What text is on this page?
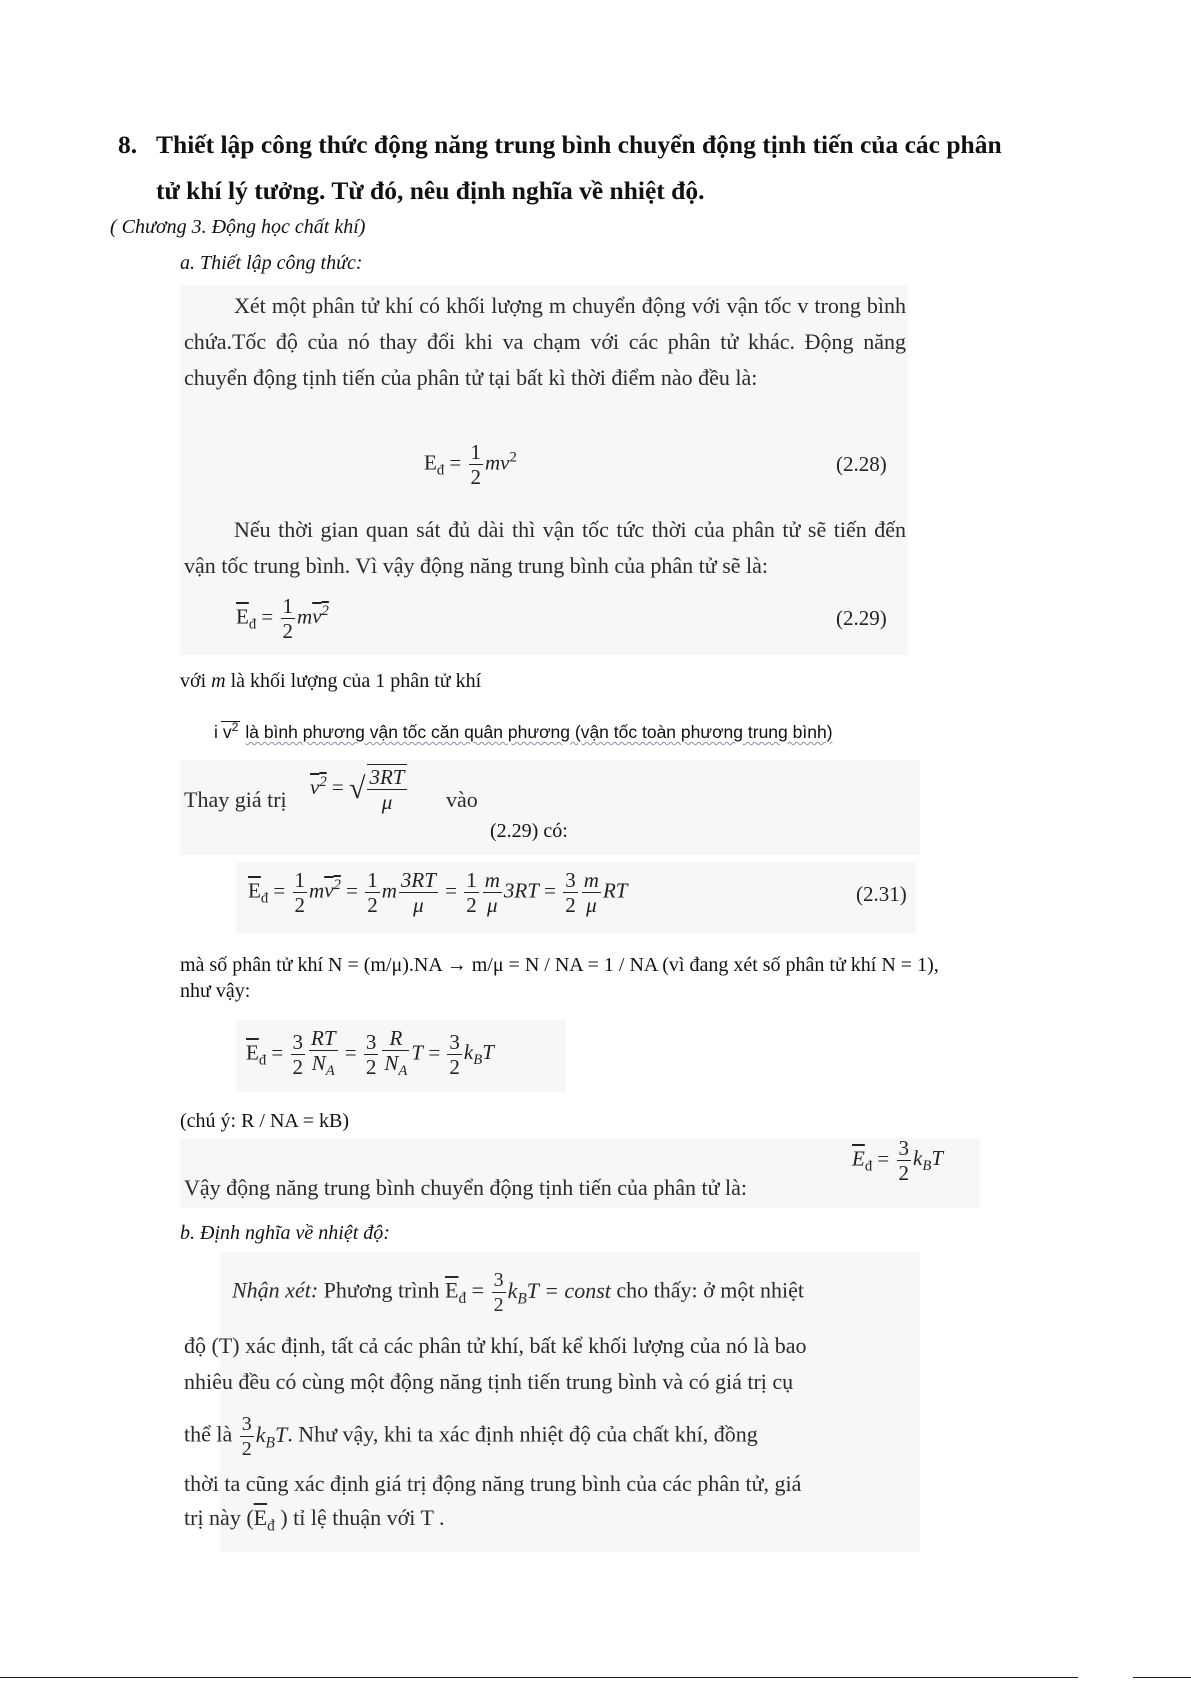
8. Thiết lập công thức động năng trung bình chuyển động tịnh tiến của các phân
tử khí lý tưởng. Từ đó, nêu định nghĩa về nhiệt độ.
( Chương 3. Động học chất khí)
a. Thiết lập công thức:
Xét một phân tử khí có khối lượng m chuyển động với vận tốc v trong bình chứa.Tốc độ của nó thay đổi khi va chạm với các phân tử khác. Động năng chuyển động tịnh tiến của phân tử tại bất kì thời điểm nào đều là:
$E_đ = \frac{1}{2} mv^2$	(2.28)
Nếu thời gian quan sát đủ dài thì vận tốc tức thời của phân tử sẽ tiến đến vận tốc trung bình. Vì vậy động năng trung bình của phân tử sẽ là:
$\overline{E}_đ = \frac{1}{2} mv^2$	(2.29)
với m là khối lượng của 1 phân tử khí
i $v^2$ là bình phương vận tốc căn quân phương (vận tốc toàn phương trung bình)
Thay giá trị
$v^2$ = √ $\frac{3RT}{\mu}$ vào
(2.29) có:
$\overline{E}_đ = \frac{1}{2} mv^2 = \frac{1}{2}$ m $\frac{3RT}{\mu} = \frac{1}{2} \frac{m}{\mu} 3RT = \frac{3}{2} \frac{m}{\mu}$ RT	(2.31)
mà số phân tử khí N = (m/μ).NA → m/μ = N / NA = 1 / NA (vì đang xét số phân tử khí N = 1),
như vậy:
$\overline{E}_đ = \frac{3}{2} \frac{RT}{N_A} = \frac{3}{2} \frac{R}{N_A}$ $T = \frac{3}{2} k_BT$
(chú ý: R / NA = kB)
Vậy động năng trung bình chuyển động tịnh tiến của phân tử là:
$\overline{E}_đ = \frac{3}{2} k_BT$
b. Định nghĩa về nhiệt độ:
Nhận xét: Phương trình $\overline{E}_đ = \frac{3}{2} k_BT$ = const cho thấy: ở một nhiệt
độ (T) xác định, tất cả các phân tử khí, bất kể khối lượng của nó là bao
nhiêu đều có cùng một động năng tịnh tiến trung bình và có giá trị cụ
thể là $\frac{3}{2} k_BT$. Như vậy, khi ta xác định nhiệt độ của chất khí, đồng
thời ta cũng xác định giá trị động năng trung bình của các phân tử, giá
trị này ($\overline{E}_đ$ ) tỉ lệ thuận với T .
